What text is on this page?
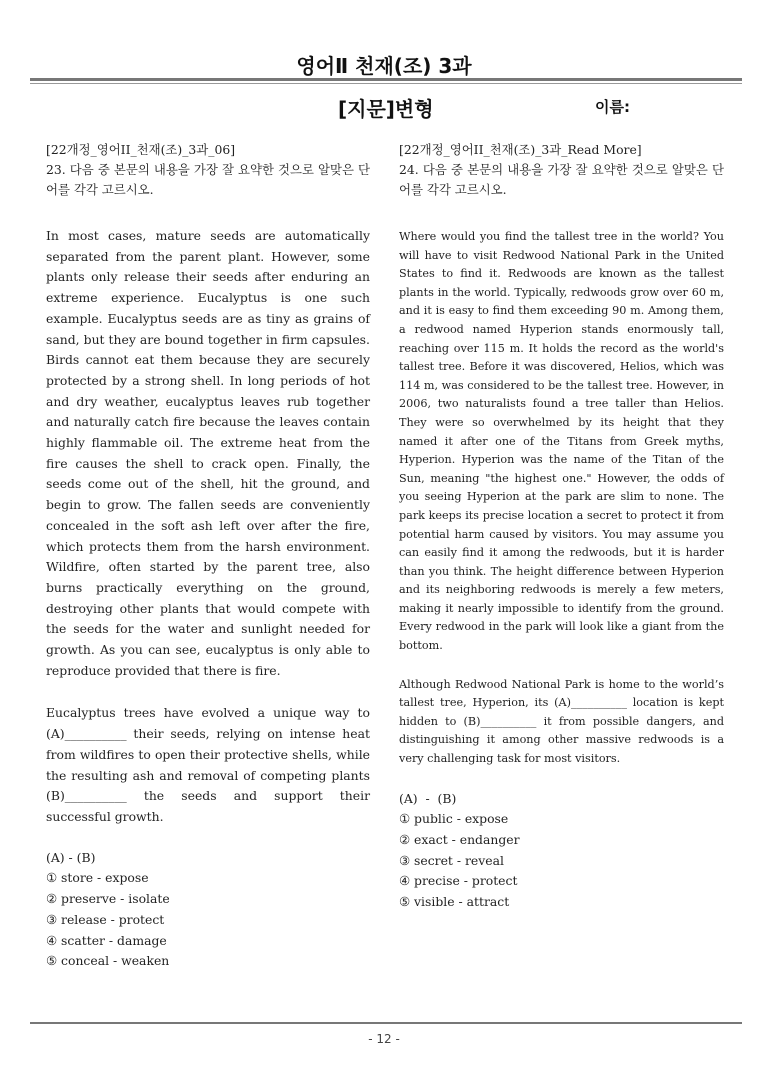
영어Ⅱ 천재(조) 3과
[지문]변형	이름:
[22개정_영어II_천재(조)_3과_06]
23. 다음 중 본문의 내용을 가장 잘 요약한 것으로 알맞은 단어를 각각 고르시오.
In most cases, mature seeds are automatically separated from the parent plant. However, some plants only release their seeds after enduring an extreme experience. Eucalyptus is one such example. Eucalyptus seeds are as tiny as grains of sand, but they are bound together in firm capsules. Birds cannot eat them because they are securely protected by a strong shell. In long periods of hot and dry weather, eucalyptus leaves rub together and naturally catch fire because the leaves contain highly flammable oil. The extreme heat from the fire causes the shell to crack open. Finally, the seeds come out of the shell, hit the ground, and begin to grow. The fallen seeds are conveniently concealed in the soft ash left over after the fire, which protects them from the harsh environment. Wildfire, often started by the parent tree, also burns practically everything on the ground, destroying other plants that would compete with the seeds for the water and sunlight needed for growth. As you can see, eucalyptus is only able to reproduce provided that there is fire.
Eucalyptus trees have evolved a unique way to (A)__________ their seeds, relying on intense heat from wildfires to open their protective shells, while the resulting ash and removal of competing plants (B)__________ the seeds and support their successful growth.
(A) - (B)
① store - expose
② preserve - isolate
③ release - protect
④ scatter - damage
⑤ conceal - weaken
[22개정_영어II_천재(조)_3과_Read More]
24. 다음 중 본문의 내용을 가장 잘 요약한 것으로 알맞은 단어를 각각 고르시오.
Where would you find the tallest tree in the world? You will have to visit Redwood National Park in the United States to find it. Redwoods are known as the tallest plants in the world. Typically, redwoods grow over 60 m, and it is easy to find them exceeding 90 m. Among them, a redwood named Hyperion stands enormously tall, reaching over 115 m. It holds the record as the world's tallest tree. Before it was discovered, Helios, which was 114 m, was considered to be the tallest tree. However, in 2006, two naturalists found a tree taller than Helios. They were so overwhelmed by its height that they named it after one of the Titans from Greek myths, Hyperion. Hyperion was the name of the Titan of the Sun, meaning "the highest one." However, the odds of you seeing Hyperion at the park are slim to none. The park keeps its precise location a secret to protect it from potential harm caused by visitors. You may assume you can easily find it among the redwoods, but it is harder than you think. The height difference between Hyperion and its neighboring redwoods is merely a few meters, making it nearly impossible to identify from the ground. Every redwood in the park will look like a giant from the bottom.
Although Redwood National Park is home to the world’s tallest tree, Hyperion, its (A)__________ location is kept hidden to (B)__________ it from possible dangers, and distinguishing it among other massive redwoods is a very challenging task for most visitors.
(A)  -  (B)
① public - expose
② exact - endanger
③ secret - reveal
④ precise - protect
⑤ visible - attract
- 12 -
